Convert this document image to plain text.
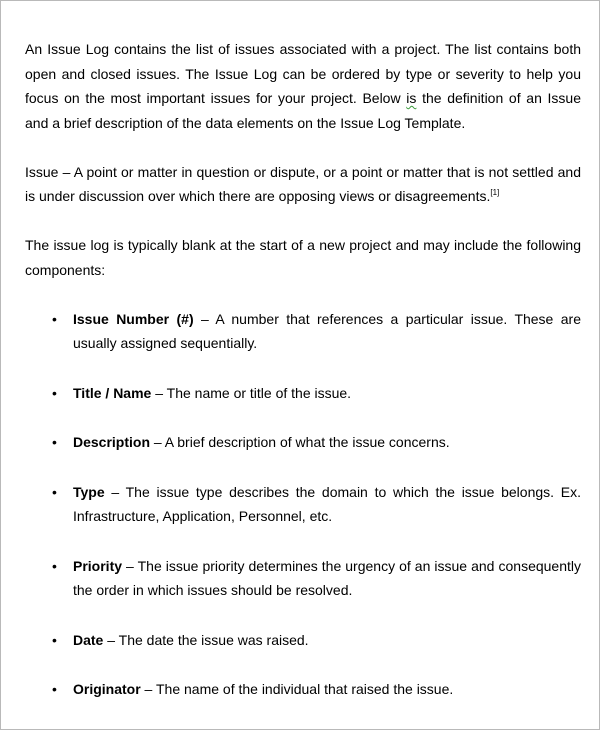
An Issue Log contains the list of issues associated with a project. The list contains both open and closed issues. The Issue Log can be ordered by type or severity to help you focus on the most important issues for your project. Below is the definition of an Issue and a brief description of the data elements on the Issue Log Template.

Issue – A point or matter in question or dispute, or a point or matter that is not settled and is under discussion over which there are opposing views or disagreements.[1]

The issue log is typically blank at the start of a new project and may include the following components:

• Issue Number (#) – A number that references a particular issue. These are usually assigned sequentially.
• Title / Name – The name or title of the issue.
• Description – A brief description of what the issue concerns.
• Type – The issue type describes the domain to which the issue belongs. Ex. Infrastructure, Application, Personnel, etc.
• Priority – The issue priority determines the urgency of an issue and consequently the order in which issues should be resolved.
• Date – The date the issue was raised.
• Originator – The name of the individual that raised the issue.
